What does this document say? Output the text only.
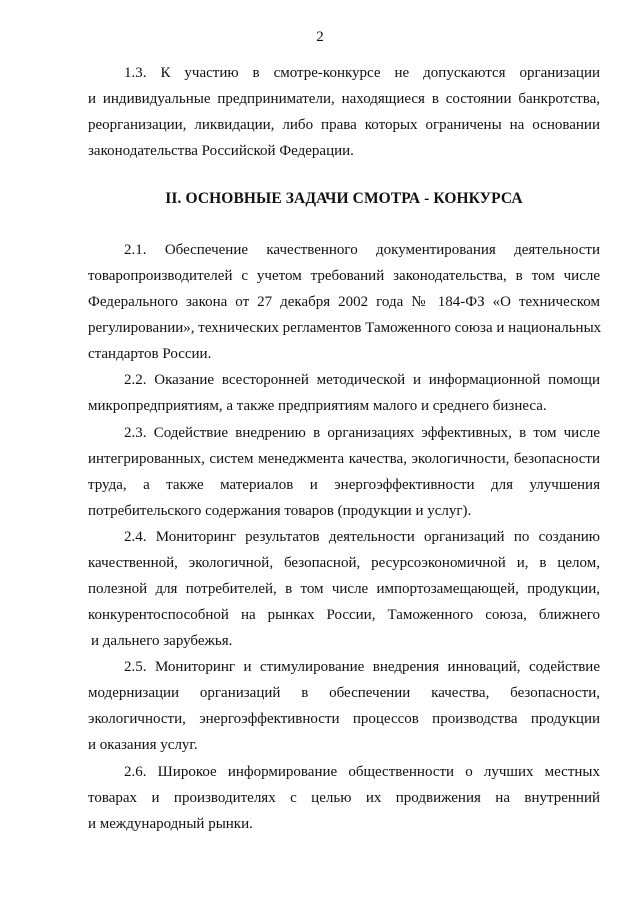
2
1.3. К участию в смотре-конкурсе не допускаются организации
и индивидуальные предприниматели, находящиеся в состоянии банкротства,
реорганизации, ликвидации, либо права которых ограничены на основании
законодательства Российской Федерации.
II. ОСНОВНЫЕ ЗАДАЧИ СМОТРА - КОНКУРСА
2.1. Обеспечение качественного документирования деятельности
товаропроизводителей с учетом требований законодательства, в том числе
Федерального закона от 27 декабря 2002 года № 184-ФЗ «О техническом
регулировании», технических регламентов Таможенного союза и национальных
стандартов России.
2.2. Оказание всесторонней методической и информационной помощи
микропредприятиям, а также предприятиям малого и среднего бизнеса.
2.3. Содействие внедрению в организациях эффективных, в том числе
интегрированных, систем менеджмента качества, экологичности, безопасности
труда, а также материалов и энергоэффективности для улучшения
потребительского содержания товаров (продукции и услуг).
2.4. Мониторинг результатов деятельности организаций по созданию
качественной, экологичной, безопасной, ресурсоэкономичной и, в целом,
полезной для потребителей, в том числе импортозамещающей, продукции,
конкурентоспособной на рынках России, Таможенного союза, ближнего
и дальнего зарубежья.
2.5. Мониторинг и стимулирование внедрения инноваций, содействие
модернизации организаций в обеспечении качества, безопасности,
экологичности, энергоэффективности процессов производства продукции
и оказания услуг.
2.6. Широкое информирование общественности о лучших местных
товарах и производителях с целью их продвижения на внутренний
и международный рынки.
